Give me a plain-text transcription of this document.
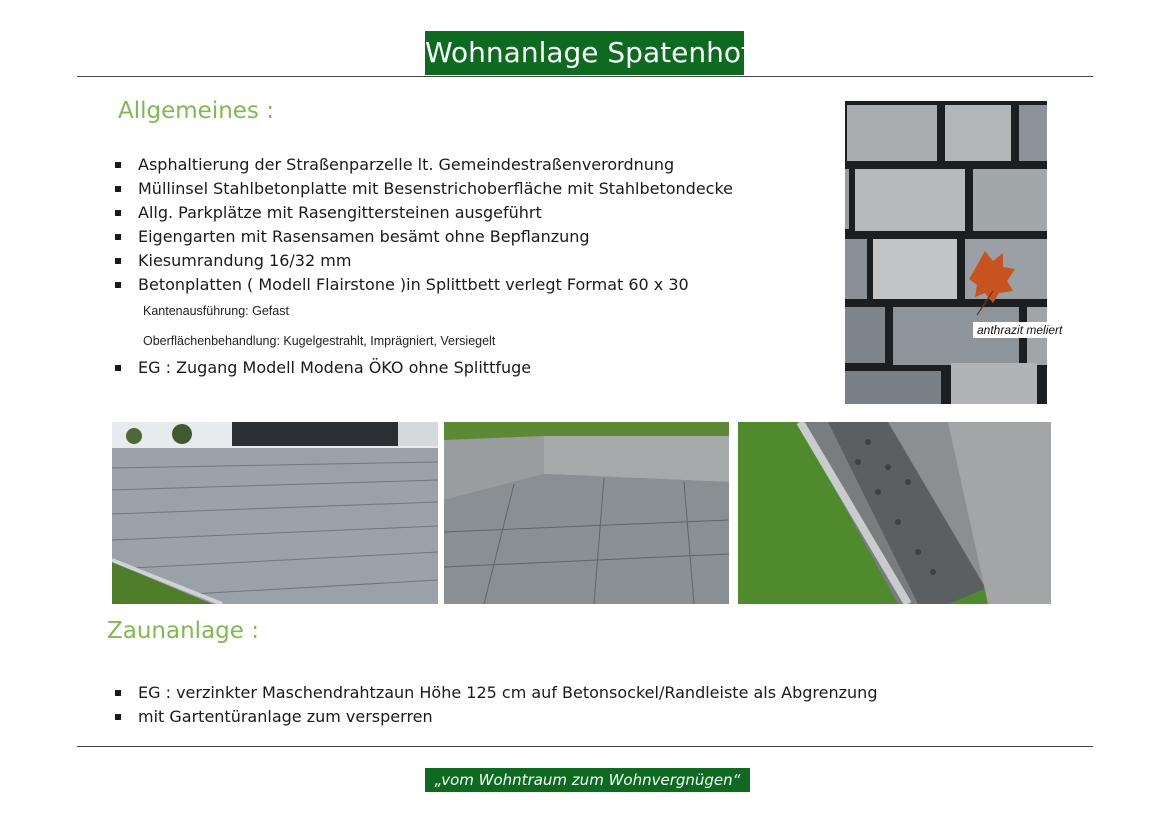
Wohnanlage Spatenhof
Allgemeines :
Asphaltierung der Straßenparzelle lt. Gemeindestraßenverordnung
Müllinsel Stahlbetonplatte mit Besenstrichoberfläche mit Stahlbetondecke
Allg. Parkplätze mit Rasengittersteinen ausgeführt
Eigengarten mit Rasensamen besämt ohne Bepflanzung
Kiesumrandung 16/32 mm
Betonplatten ( Modell Flairstone )in Splittbett verlegt Format 60 x 30
Kantenausführung: Gefast
Oberflächenbehandlung: Kugelgestrahlt, Imprägniert, Versiegelt
EG : Zugang Modell Modena ÖKO ohne Splittfuge
anthrazit meliert
Zaunanlage :
EG : verzinkter Maschendrahtzaun Höhe 125 cm auf Betonsockel/Randleiste als Abgrenzung
mit Gartentüranlage zum versperren
„vom Wohntraum zum Wohnvergnügen“
